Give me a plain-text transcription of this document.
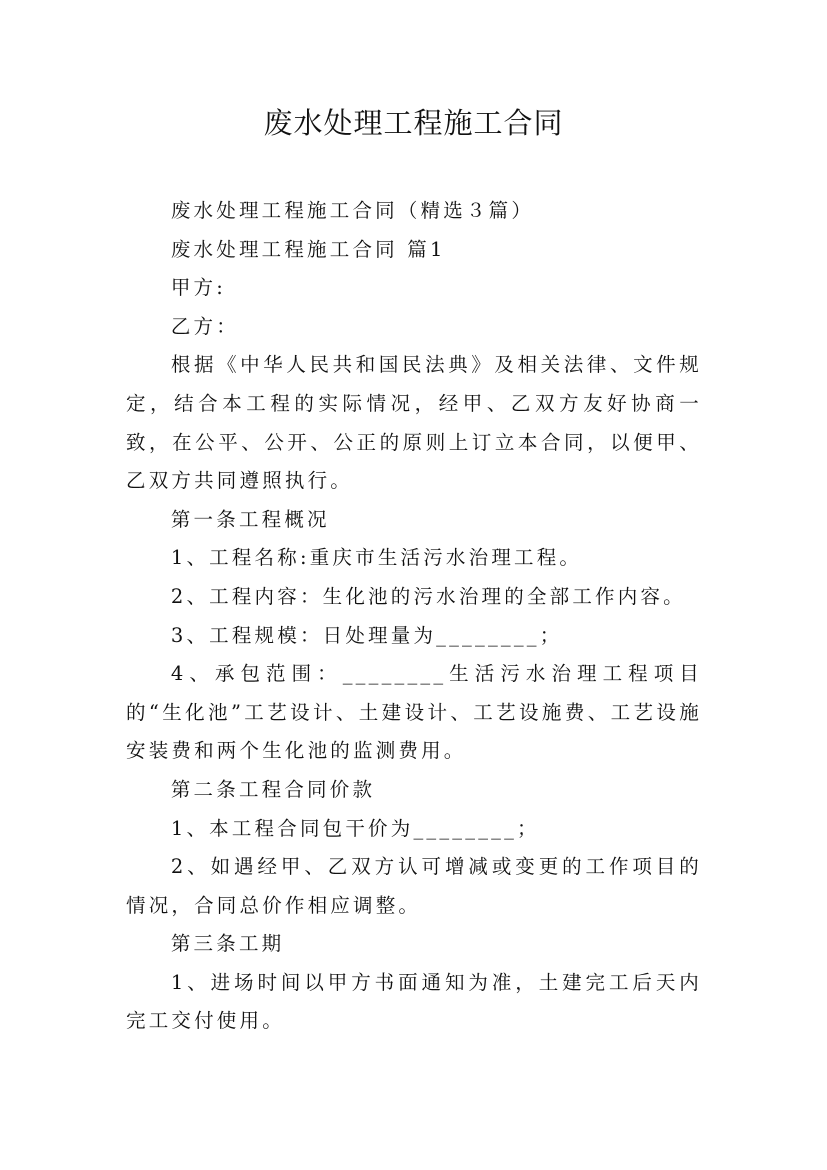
废水处理工程施工合同

废水处理工程施工合同（精选３篇）

废水处理工程施工合同 篇1

甲方:

乙方：

根据《中华人民共和国民法典》及相关法律、文件规定，结合本工程的实际情况，经甲、乙双方友好协商一致，在公平、公开、公正的原则上订立本合同，以便甲、乙双方共同遵照执行。

第一条工程概况

1、工程名称:重庆市生活污水治理工程。

2、工程内容：生化池的污水治理的全部工作内容。

3、工程规模：日处理量为________；

4、承包范围：________生活污水治理工程项目的“生化池”工艺设计、土建设计、工艺设施费、工艺设施安装费和两个生化池的监测费用。

第二条工程合同价款

1、本工程合同包干价为________；

2、如遇经甲、乙双方认可增减或变更的工作项目的情况，合同总价作相应调整。

第三条工期

1、进场时间以甲方书面通知为准，土建完工后天内完工交付使用。
